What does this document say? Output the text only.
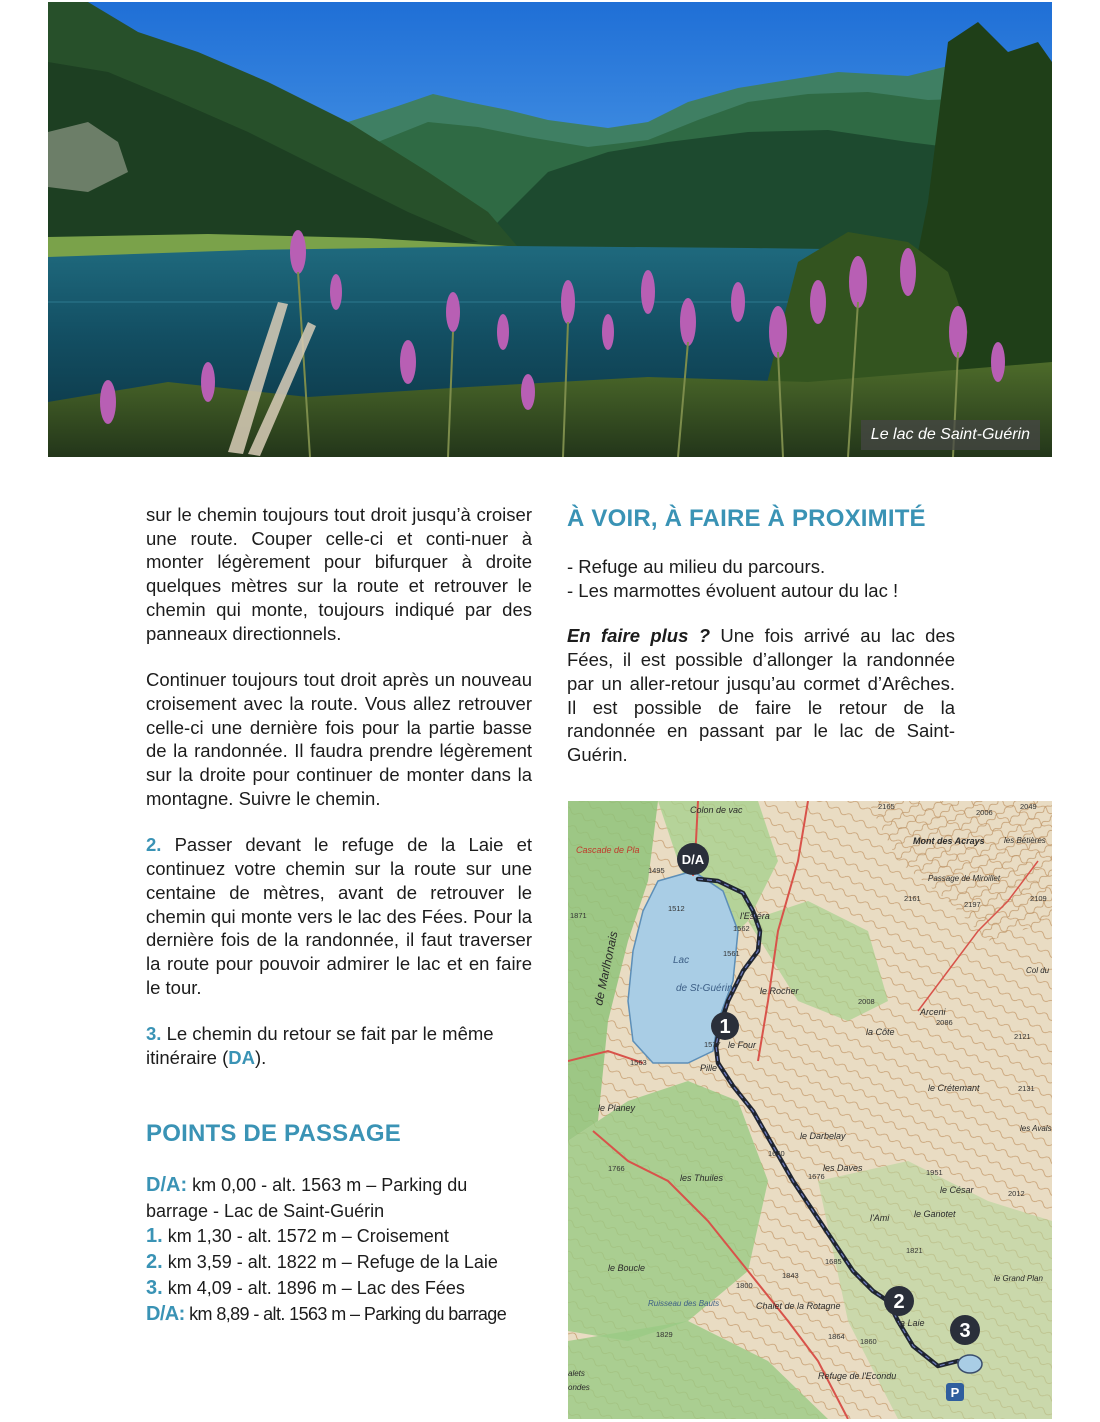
Le lac de Saint-Guérin

sur le chemin toujours tout droit jusqu’à croiser une route. Couper celle-ci et conti-nuer à monter légèrement pour bifurquer à droite quelques mètres sur la route et retrouver le chemin qui monte, toujours indiqué par des panneaux directionnels.

Continuer toujours tout droit après un nouveau croisement avec la route. Vous allez retrouver celle-ci une dernière fois pour la partie basse de la randonnée. Il faudra prendre légèrement sur la droite pour continuer de monter dans la montagne. Suivre le chemin.

2. Passer devant le refuge de la Laie et continuez votre chemin sur la route sur une centaine de mètres, avant de retrouver le chemin qui monte vers le lac des Fées. Pour la dernière fois de la randonnée, il faut traverser la route pour pouvoir admirer le lac et en faire le tour.

3. Le chemin du retour se fait par le même itinéraire (DA).

POINTS DE PASSAGE
D/A: km 0,00 - alt. 1563 m – Parking du barrage - Lac de Saint-Guérin
1. km 1,30 - alt. 1572 m – Croisement
2. km 3,59 - alt. 1822 m – Refuge de la Laie
3. km 4,09 - alt. 1896 m – Lac des Fées
D/A: km 8,89 - alt. 1563 m – Parking du barrage
À VOIR, À FAIRE À PROXIMITÉ

- Refuge au milieu du parcours.

- Les marmottes évoluent autour du lac !

En faire plus ? Une fois arrivé au lac des Fées, il est possible d’allonger la randonnée par un aller-retour jusqu’au cormet d’Arêches. Il est possible de faire le retour de la randonnée en passant par le lac de Saint-Guérin.

D/A
1
2
3
P
Colon de vac
Cascade de Pla
de Marlhonais	Lac
de St-Guérin
l'Estéra
le Rocher
le Four
le Planey
Pille
le Darbelay
les Daves
les Thuiles
l'Ami
le Boucle
la Laie
Chalet de la Rotagne
Refuge de l'Econdu
Mont des Acrays
Passage de Miroillet
les Bétières
Arceni
la Côte
le Crétemant
les Avals
le César
le Ganotet
le Grand Plan
Col du
alets
ondes
Ruisseau des Bauts
1495
1512
1562
1561
1577
1563
1640
1766
1676
1685
1800
1843
1829	1864
1860
2008
2086
1951
1871
2165
2006
2049
2197
2109
2131
2012
1821
2161
2121
